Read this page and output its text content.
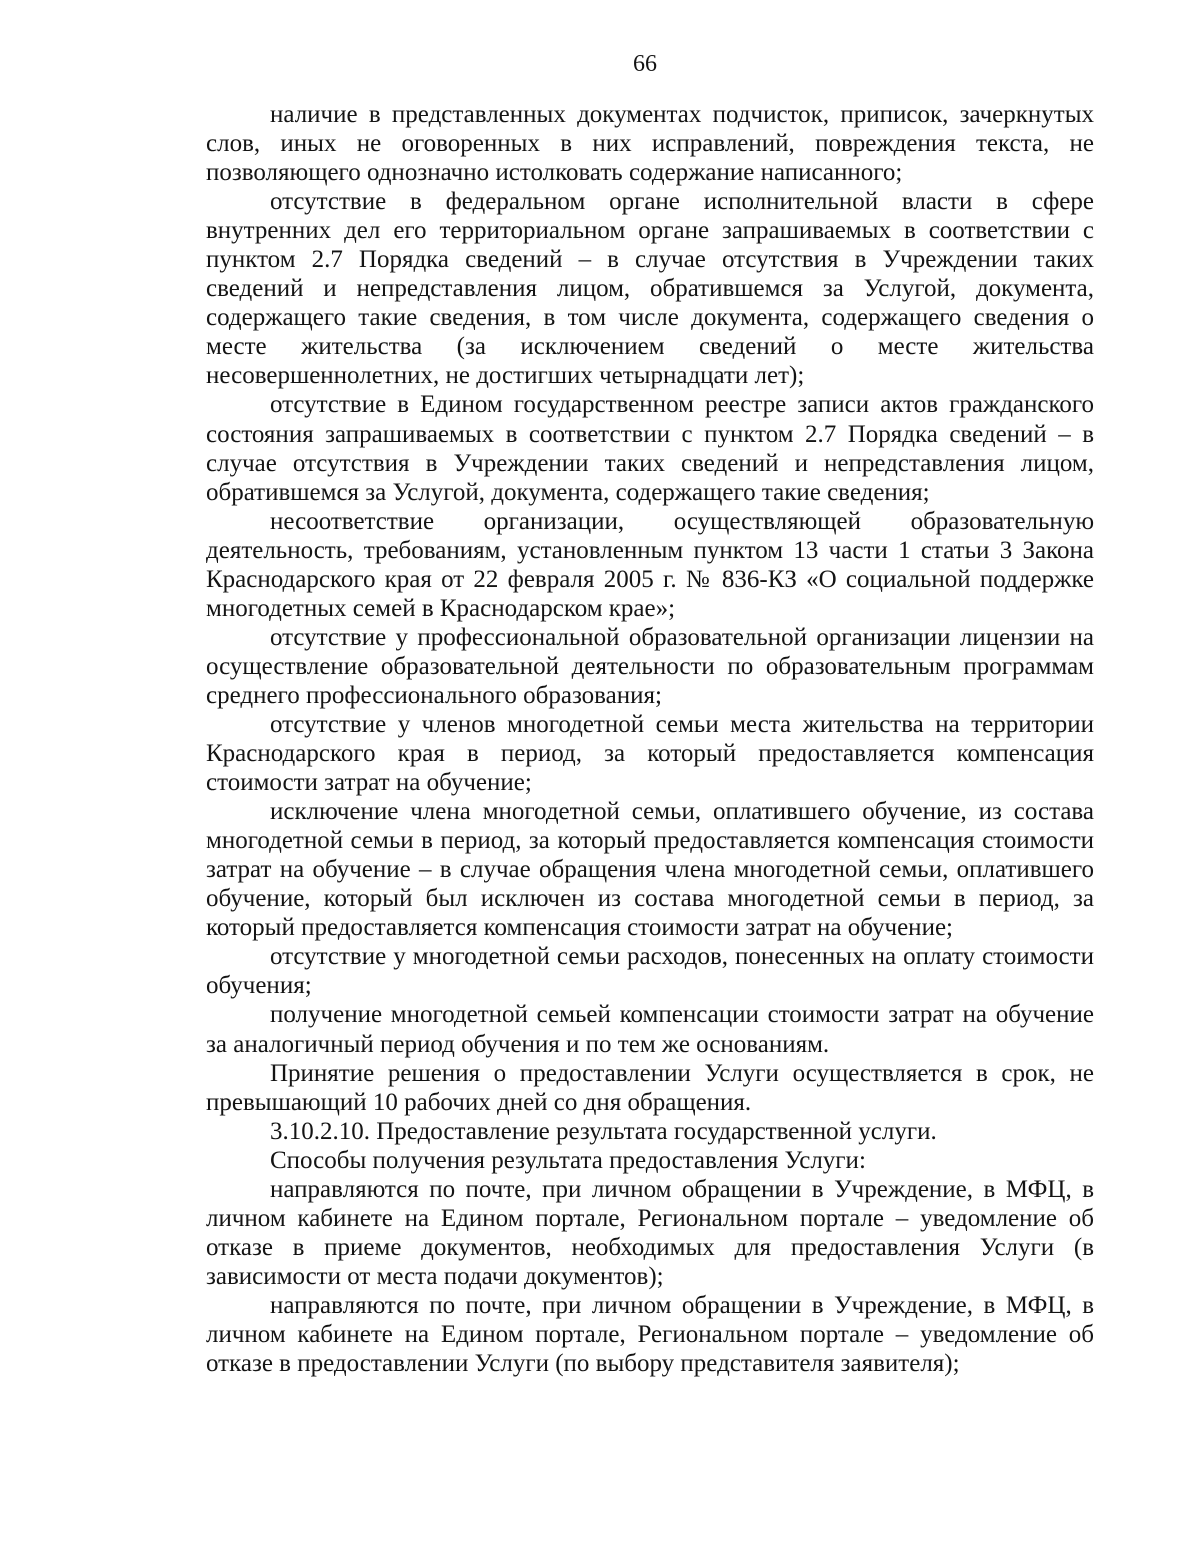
66

наличие в представленных документах подчисток, приписок, зачеркнутых слов, иных не оговоренных в них исправлений, повреждения текста, не позволяющего однозначно истолковать содержание написанного;

отсутствие в федеральном органе исполнительной власти в сфере внутренних дел его территориальном органе запрашиваемых в соответствии с пунктом 2.7 Порядка сведений – в случае отсутствия в Учреждении таких сведений и непредставления лицом, обратившемся за Услугой, документа, содержащего такие сведения, в том числе документа, содержащего сведения о месте жительства (за исключением сведений о месте жительства несовершеннолетних, не достигших четырнадцати лет);

отсутствие в Едином государственном реестре записи актов гражданского состояния запрашиваемых в соответствии с пунктом 2.7 Порядка сведений – в случае отсутствия в Учреждении таких сведений и непредставления лицом, обратившемся за Услугой, документа, содержащего такие сведения;

несоответствие организации, осуществляющей образовательную деятельность, требованиям, установленным пунктом 13 части 1 статьи 3 Закона Краснодарского края от 22 февраля 2005 г. № 836-КЗ «О социальной поддержке многодетных семей в Краснодарском крае»;

отсутствие у профессиональной образовательной организации лицензии на осуществление образовательной деятельности по образовательным программам среднего профессионального образования;

отсутствие у членов многодетной семьи места жительства на территории Краснодарского края в период, за который предоставляется компенсация стоимости затрат на обучение;

исключение члена многодетной семьи, оплатившего обучение, из состава многодетной семьи в период, за который предоставляется компенсация стоимости затрат на обучение – в случае обращения члена многодетной семьи, оплатившего обучение, который был исключен из состава многодетной семьи в период, за который предоставляется компенсация стоимости затрат на обучение;

отсутствие у многодетной семьи расходов, понесенных на оплату стоимости обучения;

получение многодетной семьей компенсации стоимости затрат на обучение за аналогичный период обучения и по тем же основаниям.

Принятие решения о предоставлении Услуги осуществляется в срок, не превышающий 10 рабочих дней со дня обращения.

3.10.2.10. Предоставление результата государственной услуги.

Способы получения результата предоставления Услуги:

направляются по почте, при личном обращении в Учреждение, в МФЦ, в личном кабинете на Едином портале, Региональном портале – уведомление об отказе в приеме документов, необходимых для предоставления Услуги (в зависимости от места подачи документов);

направляются по почте, при личном обращении в Учреждение, в МФЦ, в личном кабинете на Едином портале, Региональном портале – уведомление об отказе в предоставлении Услуги (по выбору представителя заявителя);
